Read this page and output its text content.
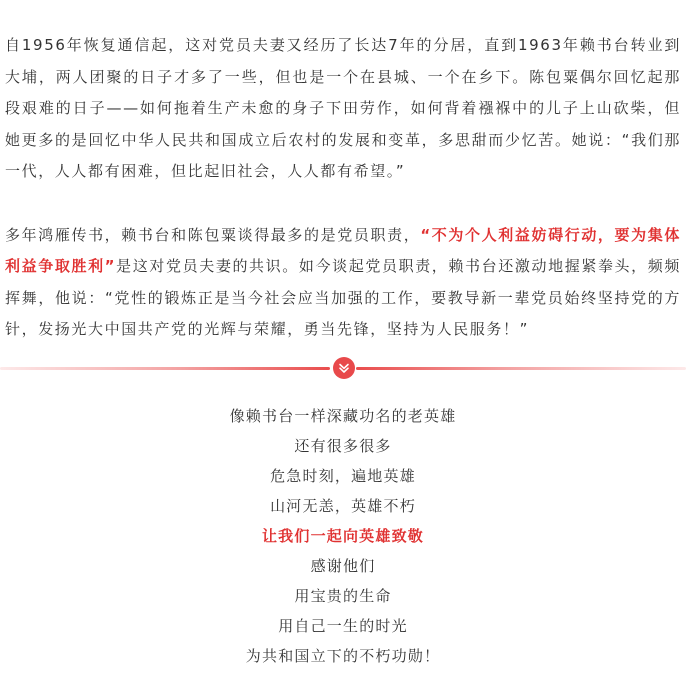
自1956年恢复通信起，这对党员夫妻又经历了长达7年的分居，直到1963年赖书台转业到大埔，两人团聚的日子才多了一些，但也是一个在县城、一个在乡下。陈包粟偶尔回忆起那段艰难的日子——如何拖着生产未愈的身子下田劳作，如何背着襁褓中的儿子上山砍柴，但她更多的是回忆中华人民共和国成立后农村的发展和变革，多思甜而少忆苦。她说：“我们那一代，人人都有困难，但比起旧社会，人人都有希望。”

多年鸿雁传书，赖书台和陈包粟谈得最多的是党员职责，“不为个人利益妨碍行动，要为集体利益争取胜利”是这对党员夫妻的共识。如今谈起党员职责，赖书台还激动地握紧拳头，频频挥舞，他说：“党性的锻炼正是当今社会应当加强的工作，要教导新一辈党员始终坚持党的方针，发扬光大中国共产党的光辉与荣耀，勇当先锋，坚持为人民服务！”

像赖书台一样深藏功名的老英雄
还有很多很多
危急时刻，遍地英雄
山河无恙，英雄不朽
让我们一起向英雄致敬
感谢他们
用宝贵的生命
用自己一生的时光
为共和国立下的不朽功勋！
